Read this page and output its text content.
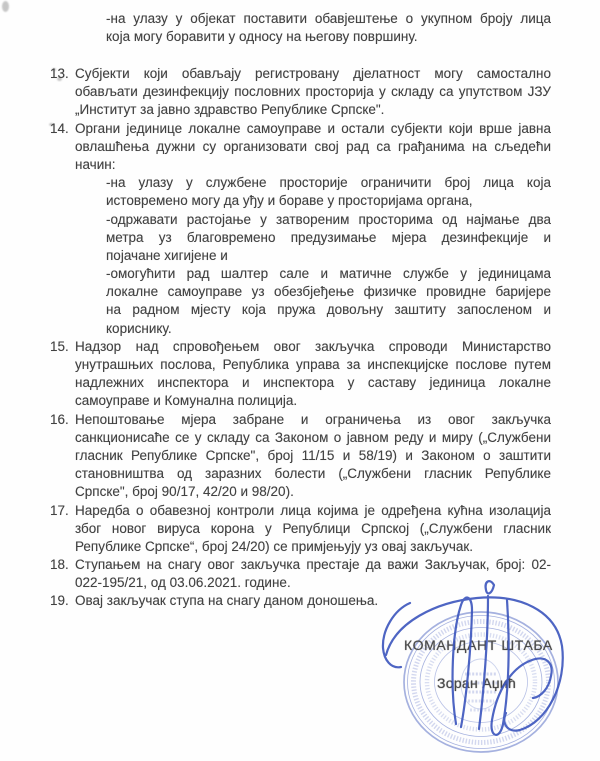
-на улазу у објекат поставити обавјештење о укупном броју лица
која могу боравити у односу на његову површину.
13. Субјекти који обављају регистровану дјелатност могу самостално
обављати дезинфекцију пословних просторија у складу са упутством ЈЗУ
„Институт за јавно здравство Републике Српске".
14. Органи јединице локалне самоуправе и остали субјекти који врше јавна
овлашћења дужни су организовати свој рад са грађанима на сљедећи
начин:
-на улазу у службене просторије ограничити број лица која
истовремено могу да уђу и бораве у просторијама органа,
-одржавати растојање у затвореним просторима од најмање два
метра уз благовремено предузимање мјера дезинфекције и
појачане хигијене и
-омогућити рад шалтер сале и матичне службе у јединицама
локалне самоуправе уз обезбјеђење физичке провидне баријере
на радном мјесту која пружа довољну заштиту запосленом и
кориснику.
15. Надзор над спровођењем овог закључка спроводи Министарство
унутрашњих послова, Република управа за инспекцијске послове путем
надлежних инспектора и инспектора у саставу јединица локалне
самоуправе и Комунална полиција.
16. Непоштовање мјера забране и ограничења из овог закључка
санкционисаће се у складу са Законом о јавном реду и миру („Службени
гласник Републике Српске", број 11/15 и 58/19) и Законом о заштити
становништва од заразних болести („Службени гласник Републике
Српске", број 90/17, 42/20 и 98/20).
17. Наредба о обавезној контроли лица којима је одређена кућна изолација
због новог вируса корона у Републици Српској („Службени гласник
Републике Српске“, број 24/20) се примјењују уз овај закључак.
18. Ступањем на снагу овог закључка престаје да важи Закључак, број: 02-
022-195/21, од 03.06.2021. године.
19. Овај закључак ступа на снагу даном доношења.
КОМАНДАНТ ШТАБА
Зоран Аџић
